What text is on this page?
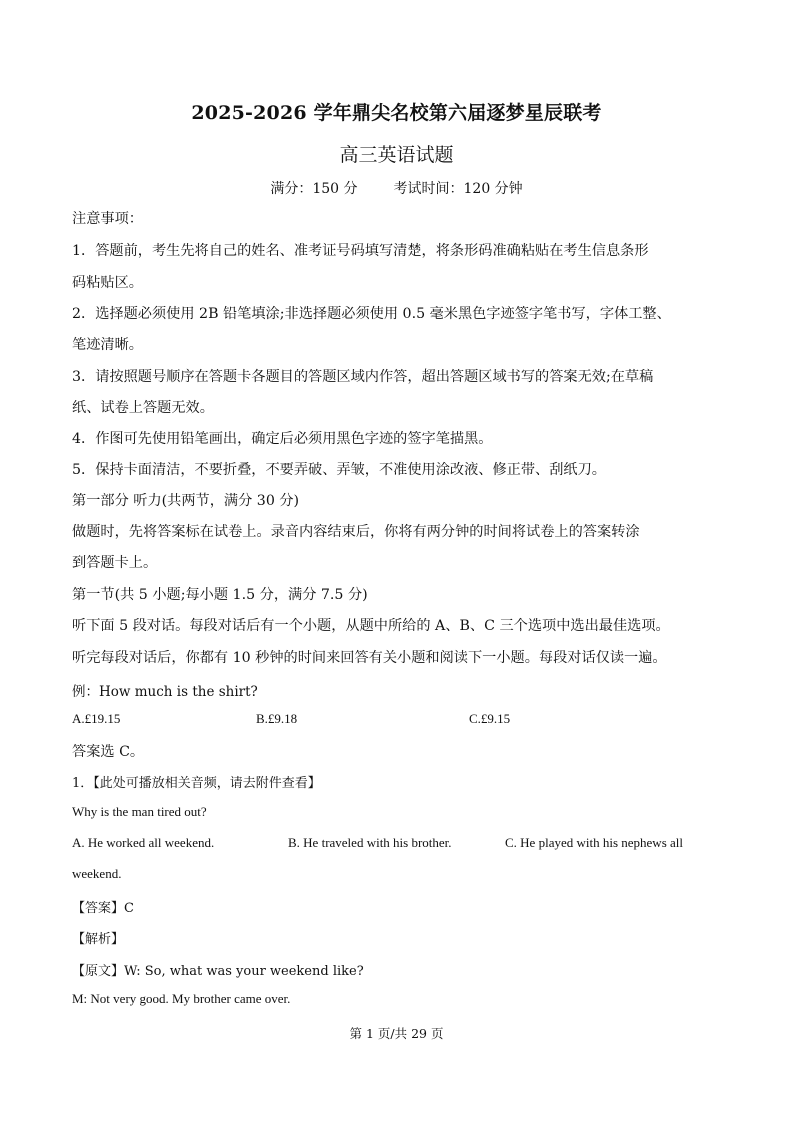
2025-2026 学年鼎尖名校第六届逐梦星辰联考
高三英语试题
满分：150 分	考试时间：120 分钟
注意事项：
1．答题前，考生先将自己的姓名、准考证号码填写清楚，将条形码准确粘贴在考生信息条形
码粘贴区。
2．选择题必须使用 2B 铅笔填涂;非选择题必须使用 0.5 毫米黑色字迹签字笔书写，字体工整、
笔迹清晰。
3．请按照题号顺序在答题卡各题目的答题区域内作答，超出答题区域书写的答案无效;在草稿
纸、试卷上答题无效。
4．作图可先使用铅笔画出，确定后必须用黑色字迹的签字笔描黑。
5．保持卡面清洁，不要折叠，不要弄破、弄皱，不准使用涂改液、修正带、刮纸刀。
第一部分 听力(共两节，满分 30 分)
做题时，先将答案标在试卷上。录音内容结束后，你将有两分钟的时间将试卷上的答案转涂
到答题卡上。
第一节(共 5 小题;每小题 1.5 分，满分 7.5 分)
听下面 5 段对话。每段对话后有一个小题，从题中所给的 A、B、C 三个选项中选出最佳选项。
听完每段对话后，你都有 10 秒钟的时间来回答有关小题和阅读下一小题。每段对话仅读一遍。
例：How much is the shirt?
A.£19.15	B.£9.18	C.£9.15
答案选 C。
1．【此处可播放相关音频，请去附件查看】
Why is the man tired out?
A. He worked all weekend.	B. He traveled with his brother.	C. He played with his nephews all
weekend.
【答案】C
【解析】
【原文】W: So, what was your weekend like?
M: Not very good. My brother came over.
第 1 页/共 29 页
